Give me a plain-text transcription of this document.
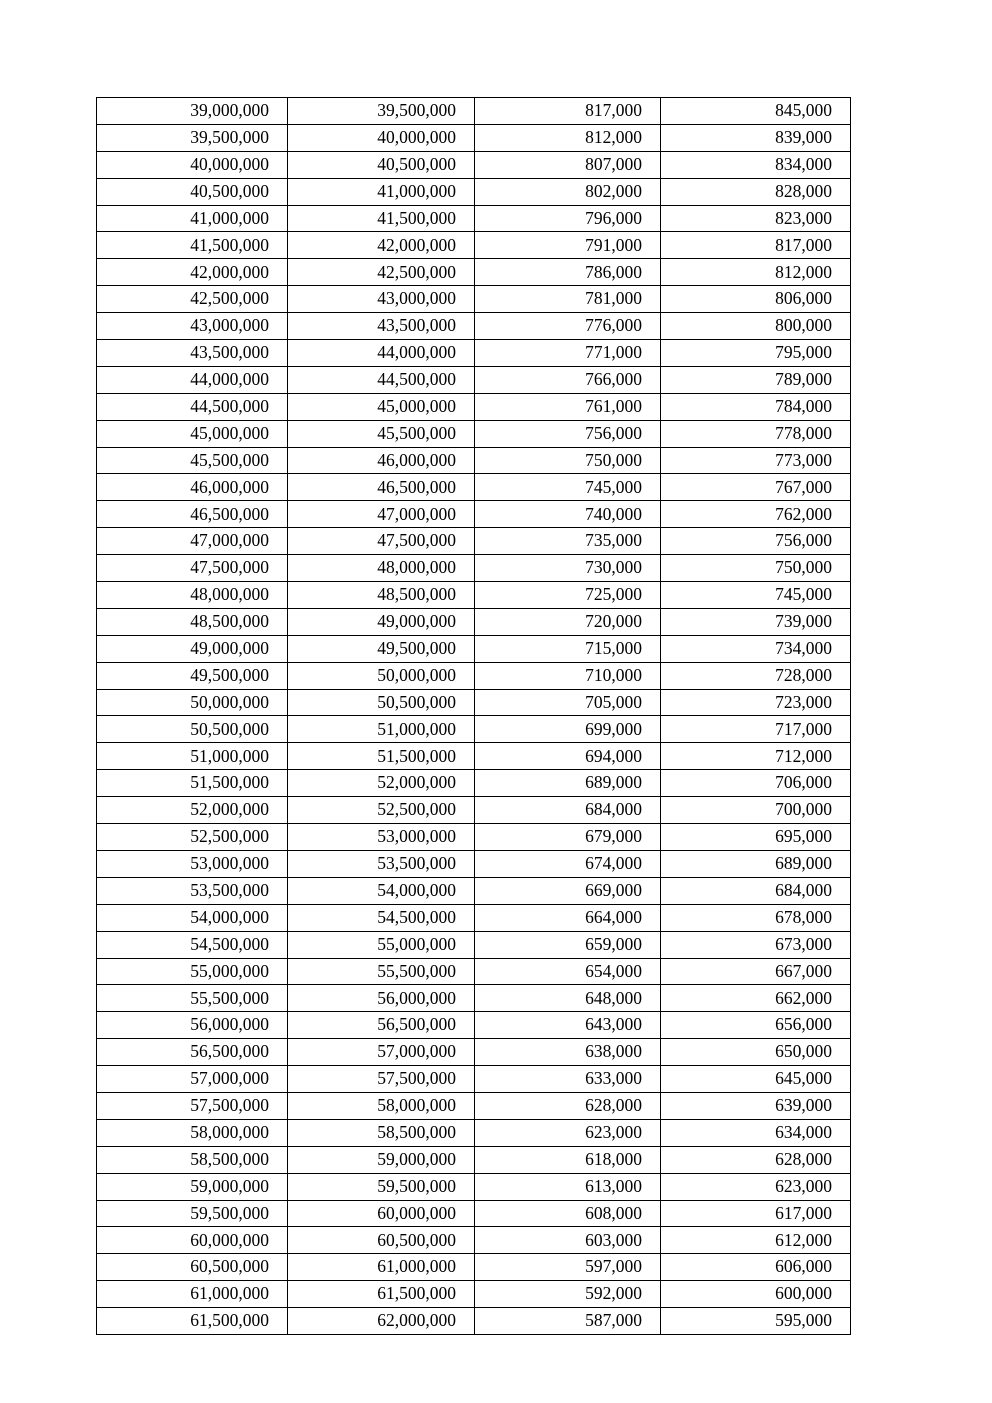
39,000,000	39,500,000	817,000	845,000
39,500,000	40,000,000	812,000	839,000
40,000,000	40,500,000	807,000	834,000
40,500,000	41,000,000	802,000	828,000
41,000,000	41,500,000	796,000	823,000
41,500,000	42,000,000	791,000	817,000
42,000,000	42,500,000	786,000	812,000
42,500,000	43,000,000	781,000	806,000
43,000,000	43,500,000	776,000	800,000
43,500,000	44,000,000	771,000	795,000
44,000,000	44,500,000	766,000	789,000
44,500,000	45,000,000	761,000	784,000
45,000,000	45,500,000	756,000	778,000
45,500,000	46,000,000	750,000	773,000
46,000,000	46,500,000	745,000	767,000
46,500,000	47,000,000	740,000	762,000
47,000,000	47,500,000	735,000	756,000
47,500,000	48,000,000	730,000	750,000
48,000,000	48,500,000	725,000	745,000
48,500,000	49,000,000	720,000	739,000
49,000,000	49,500,000	715,000	734,000
49,500,000	50,000,000	710,000	728,000
50,000,000	50,500,000	705,000	723,000
50,500,000	51,000,000	699,000	717,000
51,000,000	51,500,000	694,000	712,000
51,500,000	52,000,000	689,000	706,000
52,000,000	52,500,000	684,000	700,000
52,500,000	53,000,000	679,000	695,000
53,000,000	53,500,000	674,000	689,000
53,500,000	54,000,000	669,000	684,000
54,000,000	54,500,000	664,000	678,000
54,500,000	55,000,000	659,000	673,000
55,000,000	55,500,000	654,000	667,000
55,500,000	56,000,000	648,000	662,000
56,000,000	56,500,000	643,000	656,000
56,500,000	57,000,000	638,000	650,000
57,000,000	57,500,000	633,000	645,000
57,500,000	58,000,000	628,000	639,000
58,000,000	58,500,000	623,000	634,000
58,500,000	59,000,000	618,000	628,000
59,000,000	59,500,000	613,000	623,000
59,500,000	60,000,000	608,000	617,000
60,000,000	60,500,000	603,000	612,000
60,500,000	61,000,000	597,000	606,000
61,000,000	61,500,000	592,000	600,000
61,500,000	62,000,000	587,000	595,000
